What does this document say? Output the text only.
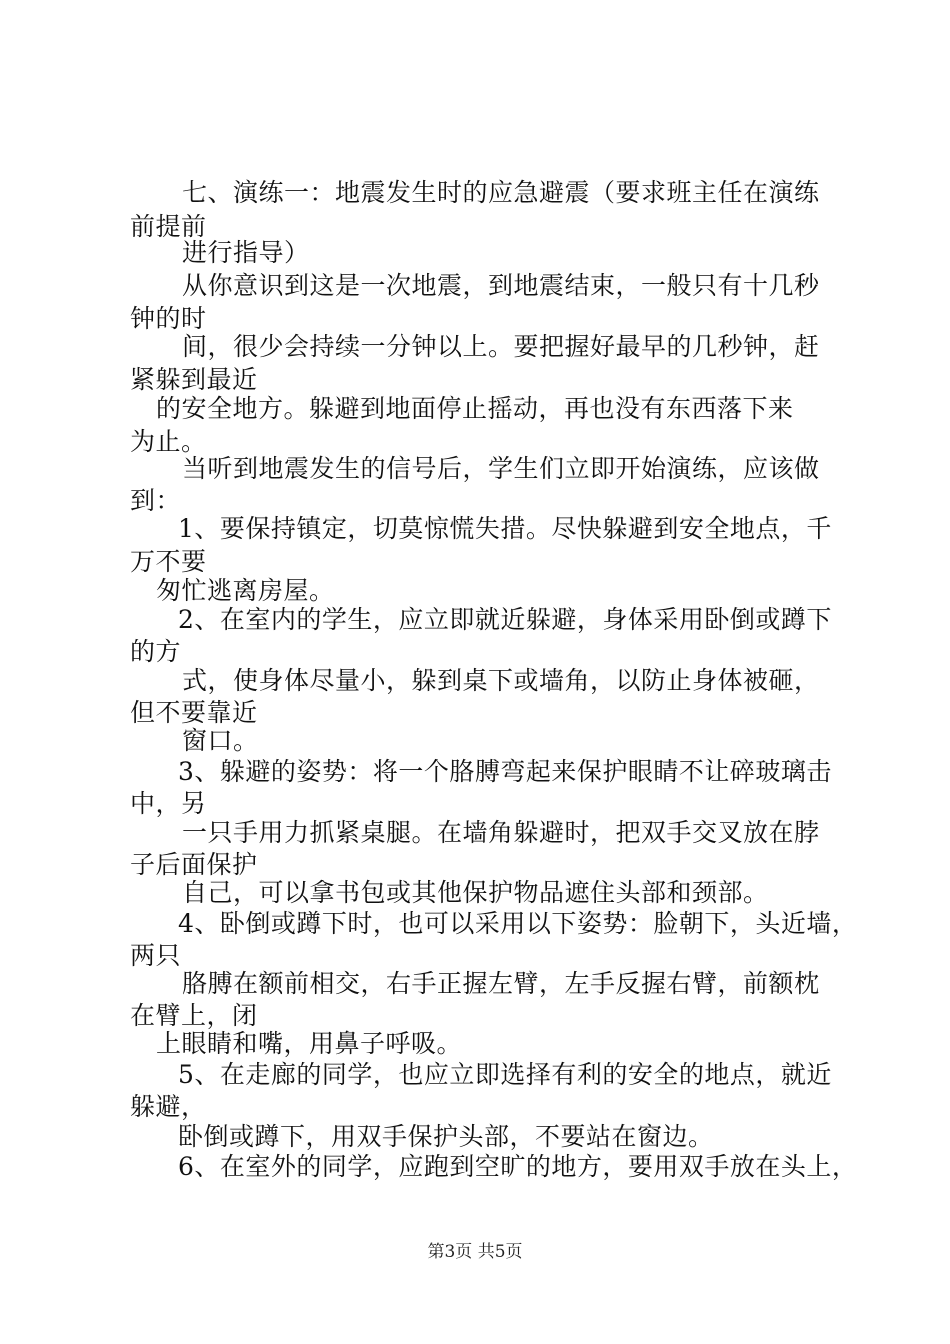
七、演练一：地震发生时的应急避震（要求班主任在演练
前提前
进行指导）
从你意识到这是一次地震，到地震结束，一般只有十几秒
钟的时
间，很少会持续一分钟以上。要把握好最早的几秒钟，赶
紧躲到最近
的安全地方。躲避到地面停止摇动，再也没有东西落下来
为止。
当听到地震发生的信号后，学生们立即开始演练，应该做
到：
1、要保持镇定，切莫惊慌失措。尽快躲避到安全地点，千
万不要
匆忙逃离房屋。
2、在室内的学生，应立即就近躲避，身体采用卧倒或蹲下
的方
式，使身体尽量小，躲到桌下或墙角，以防止身体被砸，
但不要靠近
窗口。
3、躲避的姿势：将一个胳膊弯起来保护眼睛不让碎玻璃击
中，另
一只手用力抓紧桌腿。在墙角躲避时，把双手交叉放在脖
子后面保护
自己，可以拿书包或其他保护物品遮住头部和颈部。
4、卧倒或蹲下时，也可以采用以下姿势：脸朝下，头近墙，
两只
胳膊在额前相交，右手正握左臂，左手反握右臂，前额枕
在臂上，闭
上眼睛和嘴，用鼻子呼吸。
5、在走廊的同学，也应立即选择有利的安全的地点，就近
躲避，
卧倒或蹲下，用双手保护头部，不要站在窗边。
6、在室外的同学，应跑到空旷的地方，要用双手放在头上，
第3页 共5页
